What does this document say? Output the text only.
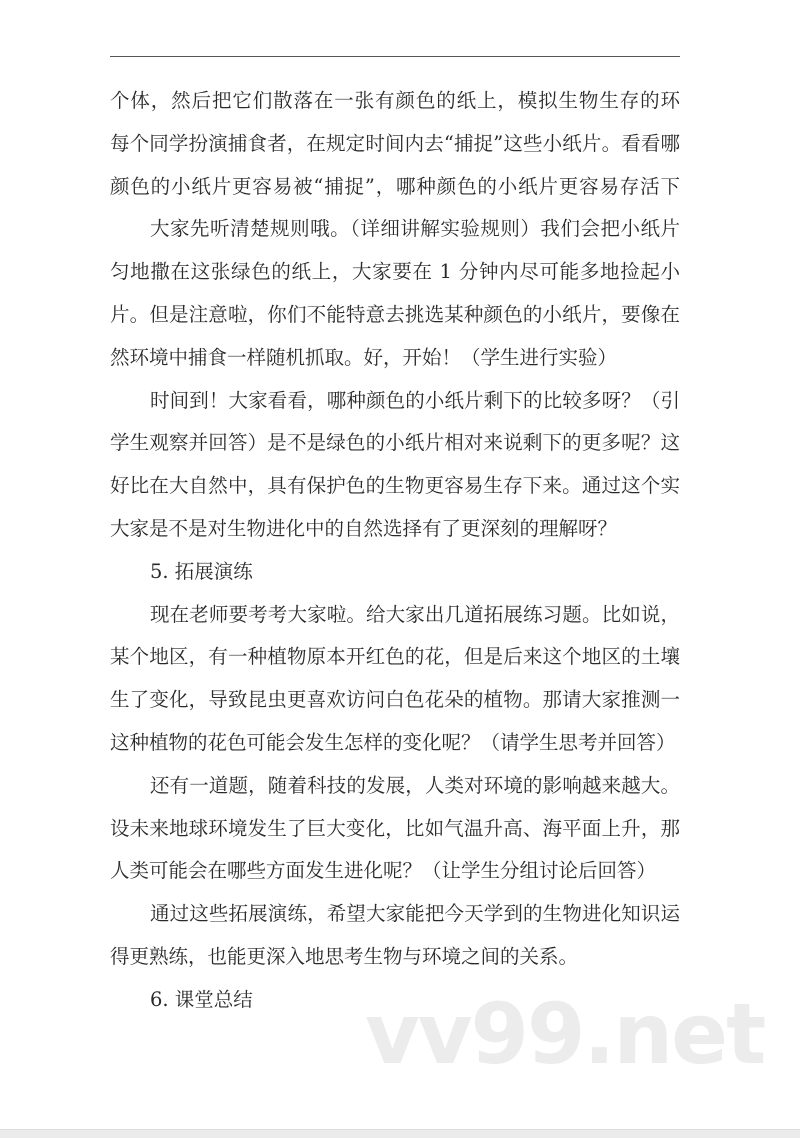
个体，然后把它们散落在一张有颜色的纸上，模拟生物生存的环
每个同学扮演捕食者，在规定时间内去“捕捉”这些小纸片。看看哪
颜色的小纸片更容易被“捕捉”，哪种颜色的小纸片更容易存活下
大家先听清楚规则哦。（详细讲解实验规则）我们会把小纸片
匀地撒在这张绿色的纸上，大家要在 1 分钟内尽可能多地捡起小
片。但是注意啦，你们不能特意去挑选某种颜色的小纸片，要像在
然环境中捕食一样随机抓取。好，开始！（学生进行实验）
时间到！大家看看，哪种颜色的小纸片剩下的比较多呀？（引
学生观察并回答）是不是绿色的小纸片相对来说剩下的更多呢？这
好比在大自然中，具有保护色的生物更容易生存下来。通过这个实
大家是不是对生物进化中的自然选择有了更深刻的理解呀？
5. 拓展演练
现在老师要考考大家啦。给大家出几道拓展练习题。比如说，
某个地区，有一种植物原本开红色的花，但是后来这个地区的土壤
生了变化，导致昆虫更喜欢访问白色花朵的植物。那请大家推测一
这种植物的花色可能会发生怎样的变化呢？（请学生思考并回答）
还有一道题，随着科技的发展，人类对环境的影响越来越大。
设未来地球环境发生了巨大变化，比如气温升高、海平面上升，那
人类可能会在哪些方面发生进化呢？（让学生分组讨论后回答）
通过这些拓展演练，希望大家能把今天学到的生物进化知识运
得更熟练，也能更深入地思考生物与环境之间的关系。
6. 课堂总结	vv99.net
